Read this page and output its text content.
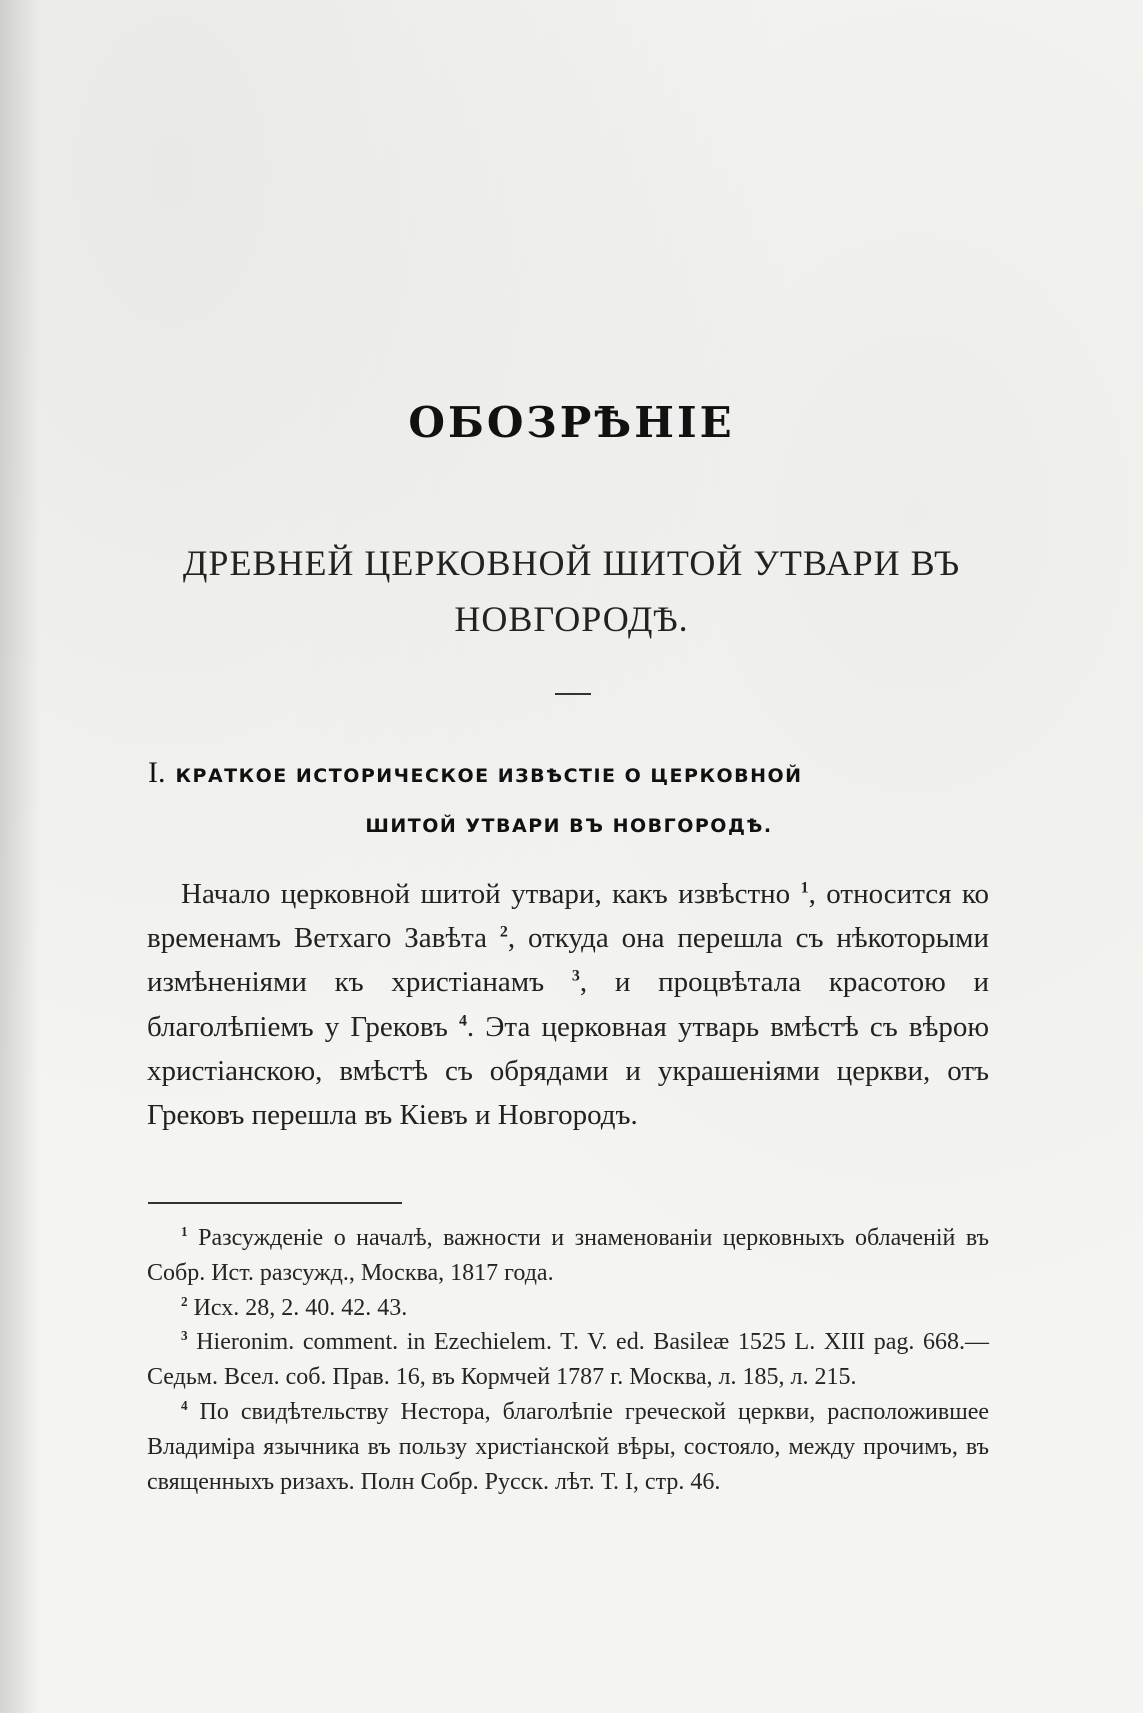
ОБОЗРѢНІЕ
ДРЕВНЕЙ ЦЕРКОВНОЙ ШИТОЙ УТВАРИ ВЪ НОВГОРОДѢ.
I. КРАТКОЕ ИСТОРИЧЕСКОЕ ИЗВѢСТІЕ О ЦЕРКОВНОЙ
ШИТОЙ УТВАРИ ВЪ НОВГОРОДѢ.
Начало церковной шитой утвари, какъ извѣстно $^1$, относится ко временамъ Ветхаго Завѣта $^2$, откуда она перешла съ нѣкоторыми измѣненіями къ христіанамъ $^3$, и процвѣтала красотою и благолѣпіемъ у Грековъ $^4$. Эта церковная утварь вмѣстѣ съ вѣрою христіанскою, вмѣстѣ съ обрядами и украшеніями церкви, отъ Грековъ перешла въ Кіевъ и Новгородъ.
$^1$ Разсужденіе о началѣ, важности и знаменованіи церковныхъ облаченій въ Собр. Ист. разсужд., Москва, 1817 года.
$^2$ Исх. 28, 2. 40. 42. 43.
$^3$ Hieronim. comment. in Ezechielem. T. V. ed. Basileæ 1525 L. XIII pag. 668.—Седьм. Всел. соб. Прав. 16, въ Кормчей 1787 г. Москва, л. 185, л. 215.
$^4$ По свидѣтельству Нестора, благолѣпіе греческой церкви, расположившее Владиміра язычника въ пользу христіанской вѣры, состояло, между прочимъ, въ священныхъ ризахъ. Полн Собр. Русск. лѣт. Т. I, стр. 46.
